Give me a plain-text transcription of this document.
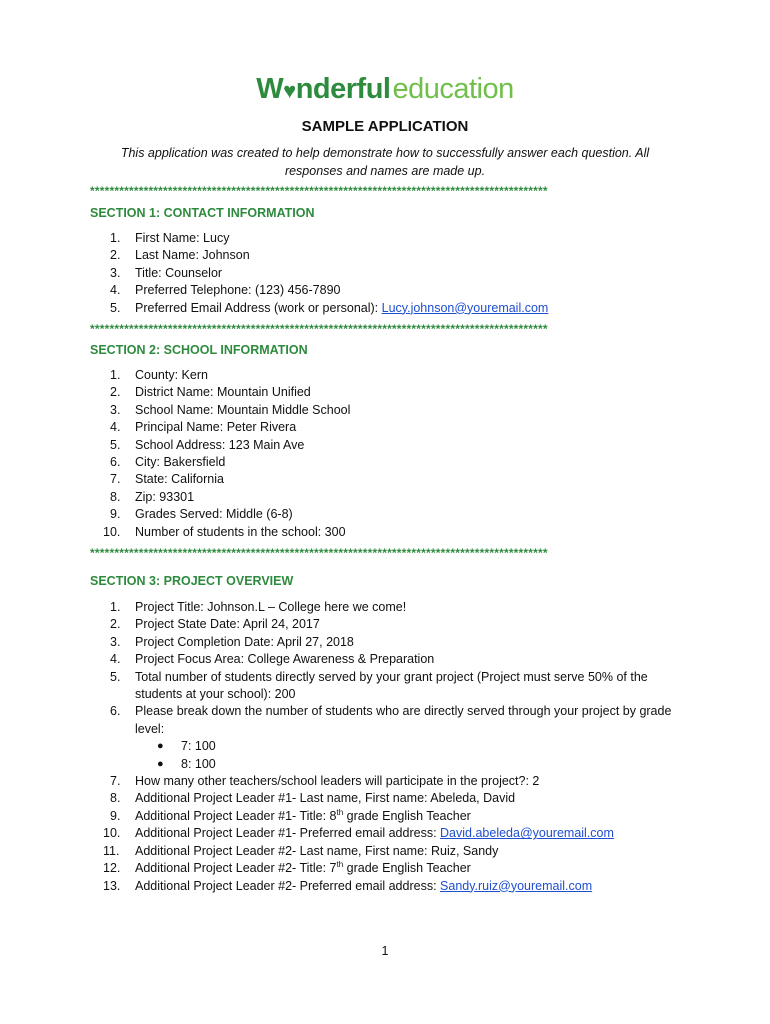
W♥nderfuleducation
SAMPLE APPLICATION
This application was created to help demonstrate how to successfully answer each question. All responses and names are made up.
**********************************************************************************************
SECTION 1: CONTACT INFORMATION
1. First Name: Lucy
2. Last Name: Johnson
3. Title: Counselor
4. Preferred Telephone: (123) 456-7890
5. Preferred Email Address (work or personal): Lucy.johnson@youremail.com
**********************************************************************************************
SECTION 2: SCHOOL INFORMATION
1. County: Kern
2. District Name: Mountain Unified
3. School Name: Mountain Middle School
4. Principal Name: Peter Rivera
5. School Address: 123 Main Ave
6. City: Bakersfield
7. State: California
8. Zip: 93301
9. Grades Served: Middle (6-8)
10. Number of students in the school: 300
**********************************************************************************************
SECTION 3: PROJECT OVERVIEW
1. Project Title: Johnson.L – College here we come!
2. Project State Date: April 24, 2017
3. Project Completion Date: April 27, 2018
4. Project Focus Area: College Awareness & Preparation
5. Total number of students directly served by your grant project (Project must serve 50% of the students at your school): 200
6. Please break down the number of students who are directly served through your project by grade level:
● 7: 100
● 8: 100
7. How many other teachers/school leaders will participate in the project?: 2
8. Additional Project Leader #1- Last name, First name: Abeleda, David
9. Additional Project Leader #1- Title: 8th grade English Teacher
10. Additional Project Leader #1- Preferred email address: David.abeleda@youremail.com
11. Additional Project Leader #2- Last name, First name: Ruiz, Sandy
12. Additional Project Leader #2- Title: 7th grade English Teacher
13. Additional Project Leader #2- Preferred email address: Sandy.ruiz@youremail.com
1
